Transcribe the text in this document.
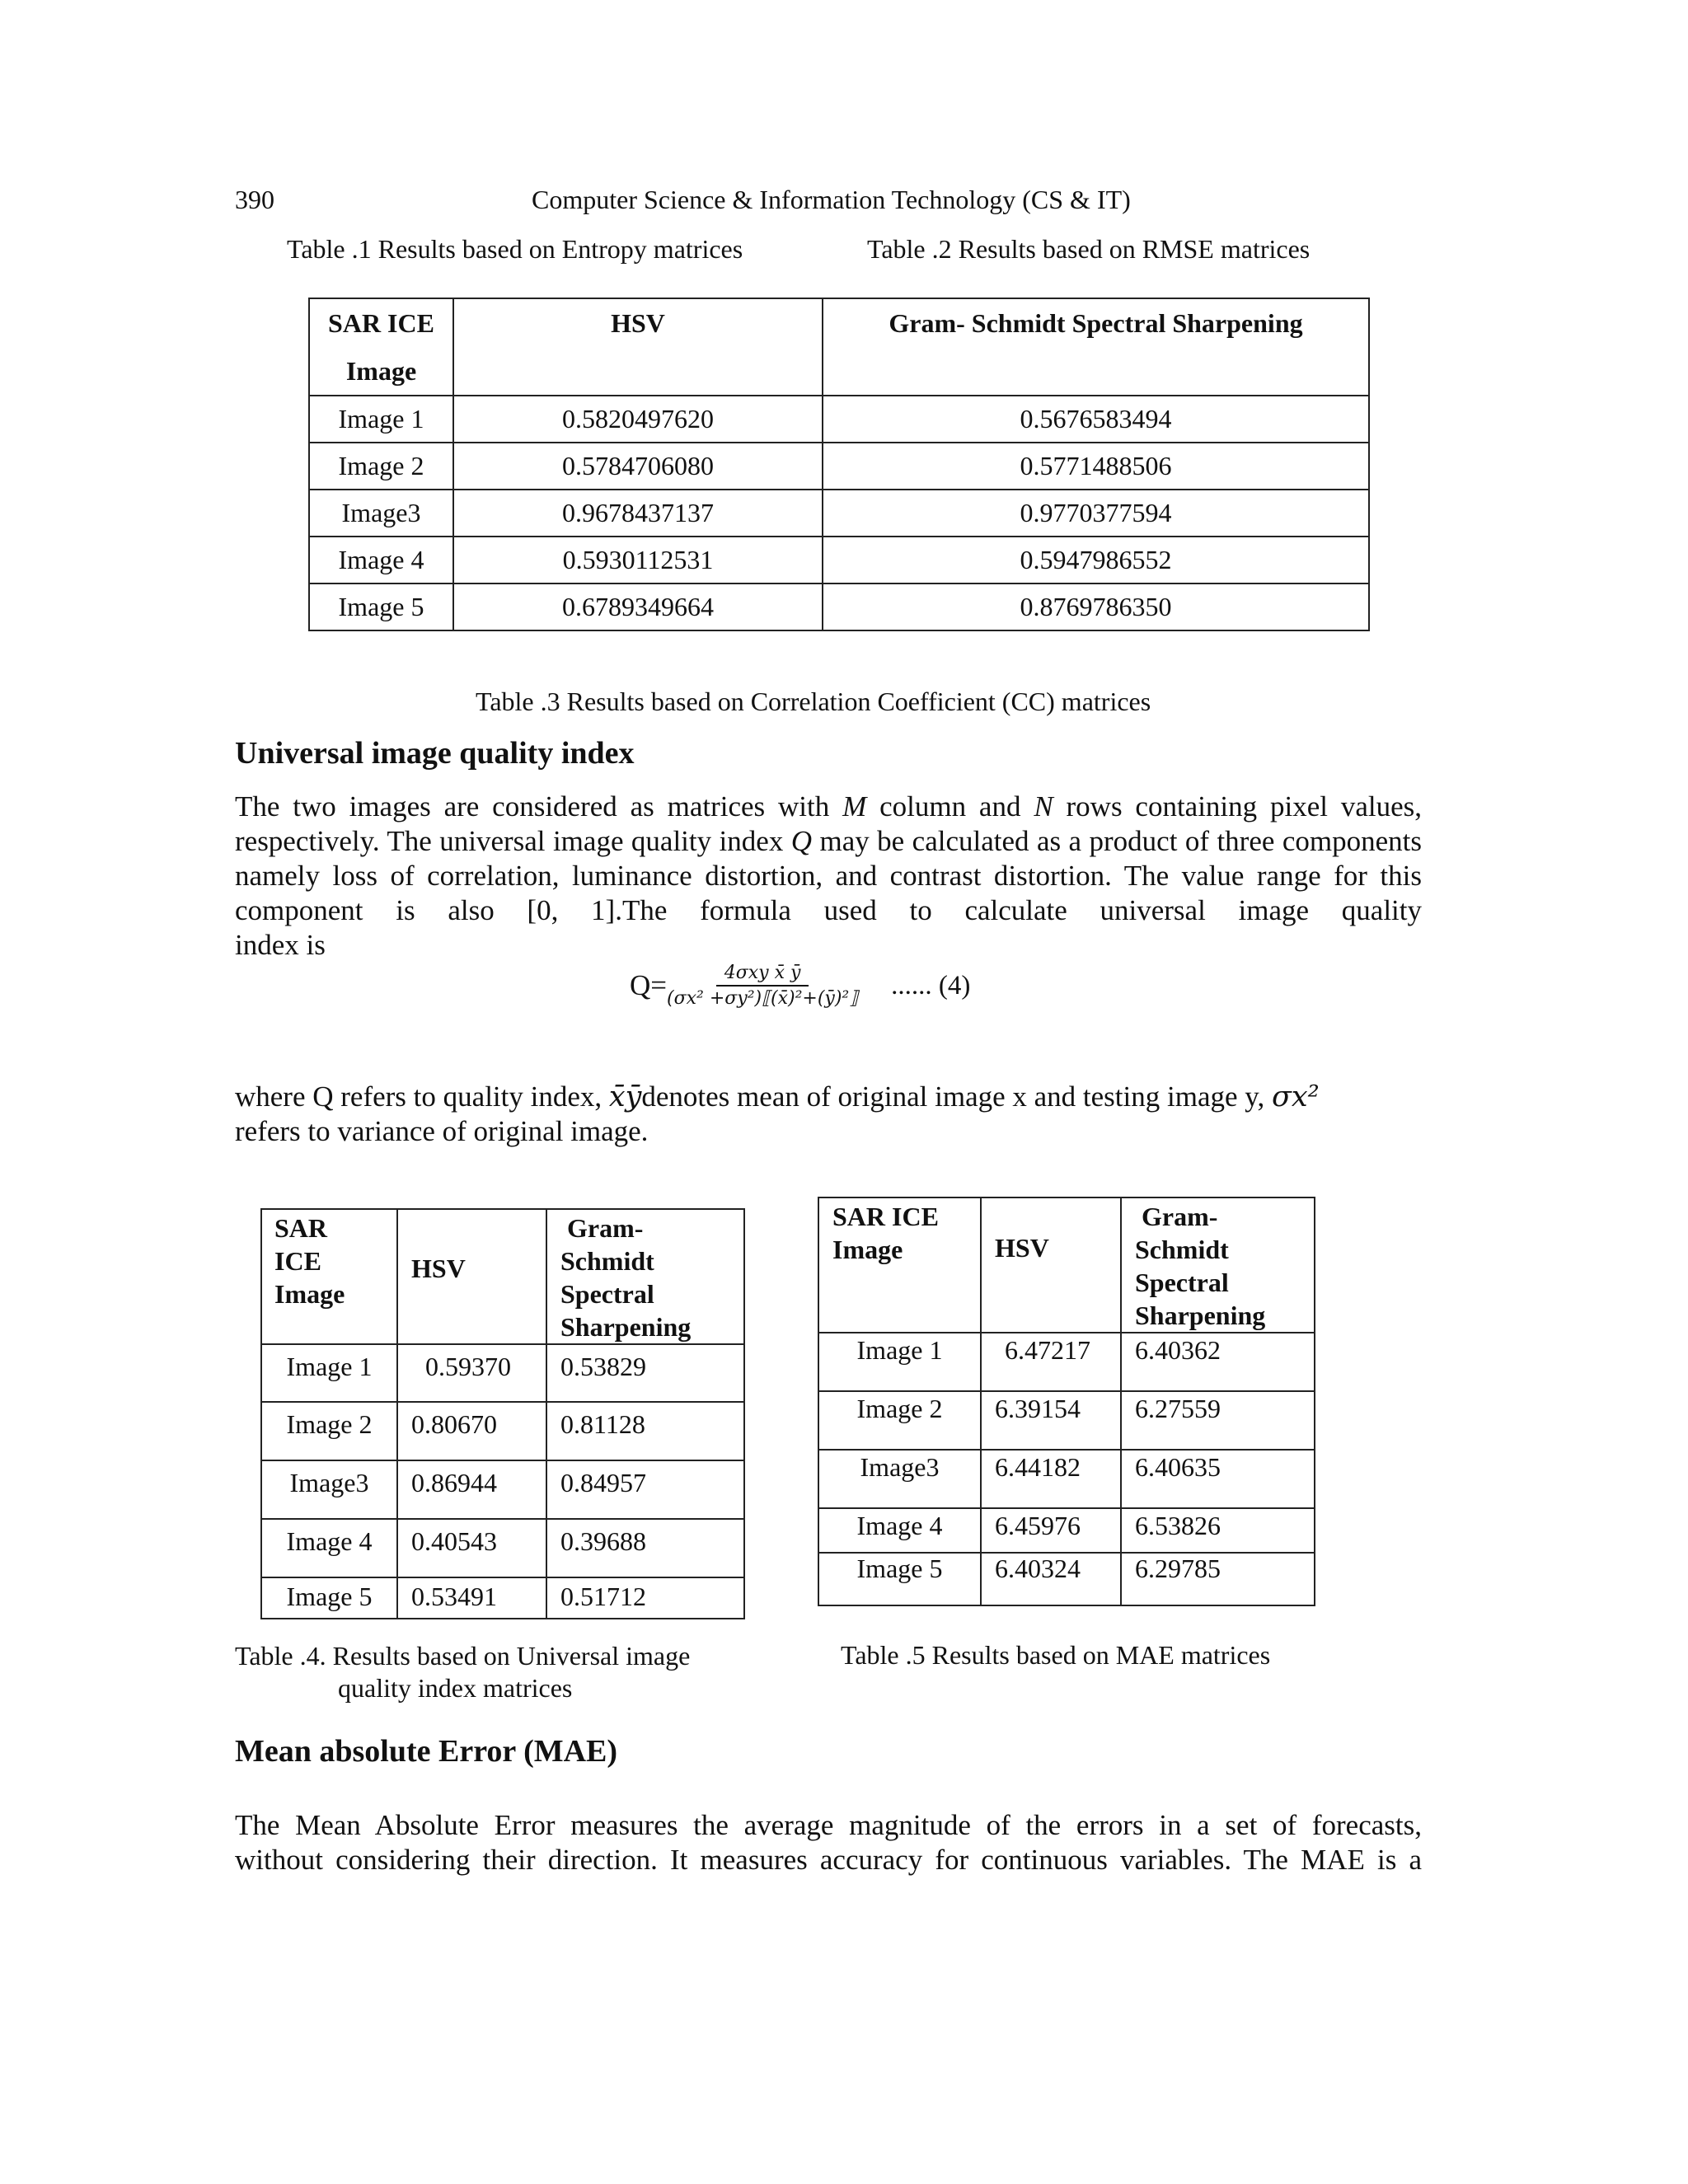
390	Computer Science & Information Technology (CS & IT)
Table .1 Results based on Entropy matrices	Table .2 Results based on RMSE matrices
SAR ICE
Image	HSV	Gram- Schmidt Spectral Sharpening

Image 1	0.5820497620	0.5676583494
Image 2	0.5784706080	0.5771488506
Image3	0.9678437137	0.9770377594
Image 4	0.5930112531	0.5947986552
Image 5	0.6789349664	0.8769786350
Table .3 Results based on Correlation Coefficient (CC) matrices
Universal image quality index
The two images are considered as matrices with M column and N rows containing pixel values, respectively. The universal image quality index Q may be calculated as a product of three components namely loss of correlation, luminance distortion, and contrast distortion. The value range for this component is also [0, 1].The formula used to calculate universal image quality
index is
$Q= \frac{\text{4σxy x̄ ȳ}}{\text{(σx² +σy²)⟦(x̄)²+(ȳ)²⟧}}$ ...... (4)
where Q refers to quality index, x̄ȳdenotes mean of original image x and testing image y, σx²
refers to variance of original image.
SAR
ICE
Image	HSV	Gram-
Schmidt
Spectral
Sharpening

Image 1	0.59370	0.53829
Image 2	0.80670	0.81128
Image3	0.86944	0.84957
Image 4	0.40543	0.39688
Image 5	0.53491	0.51712
SAR ICE
Image	HSV	Gram-
Schmidt
Spectral
Sharpening

Image 1	6.47217	6.40362
Image 2	6.39154	6.27559
Image3	6.44182	6.40635
Image 4	6.45976	6.53826
Image 5	6.40324	6.29785
Table .4. Results based on Universal image
quality index matrices
Table .5 Results based on MAE matrices
Mean absolute Error (MAE)
The Mean Absolute Error measures the average magnitude of the errors in a set of forecasts,
without considering their direction. It measures accuracy for continuous variables. The MAE is a
